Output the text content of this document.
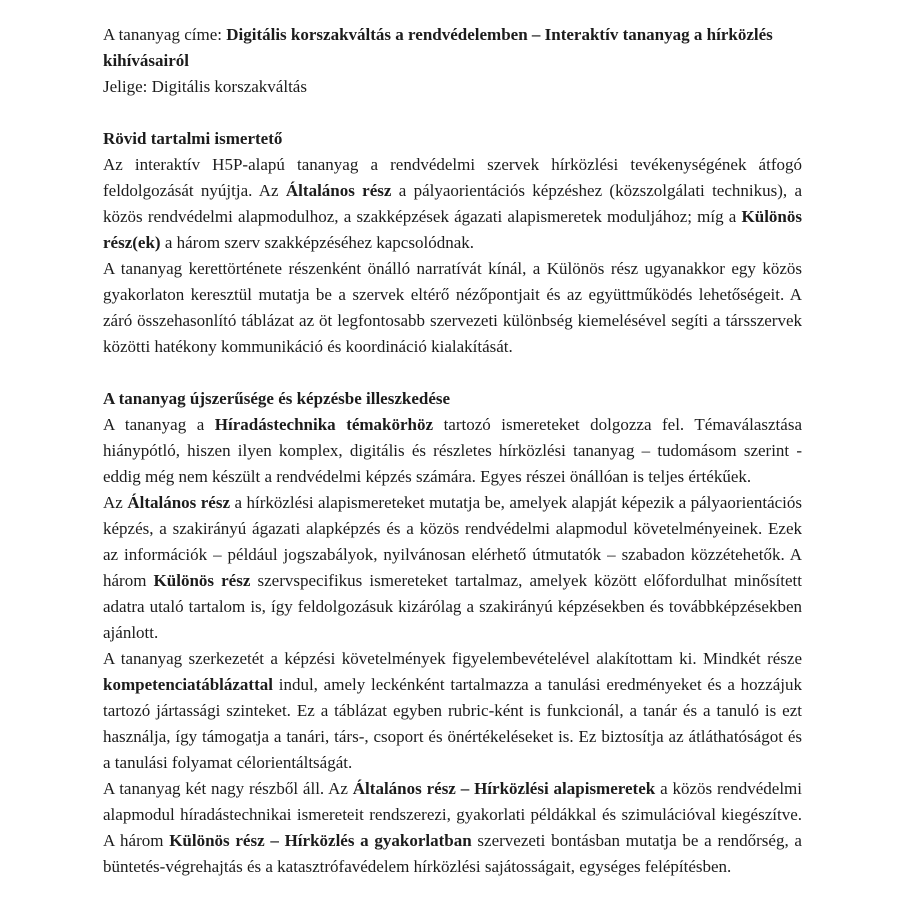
A tananyag címe: Digitális korszakváltás a rendvédelemben – Interaktív tananyag a hírközlés kihívásairól

Jelige: Digitális korszakváltás

Rövid tartalmi ismertető

Az interaktív H5P-alapú tananyag a rendvédelmi szervek hírközlési tevékenységének átfogó feldolgozását nyújtja. Az Általános rész a pályaorientációs képzéshez (közszolgálati technikus), a közös rendvédelmi alapmodulhoz, a szakképzések ágazati alapismeretek moduljához; míg a Különös rész(ek) a három szerv szakképzéséhez kapcsolódnak.

A tananyag kerettörténete részenként önálló narratívát kínál, a Különös rész ugyanakkor egy közös gyakorlaton keresztül mutatja be a szervek eltérő nézőpontjait és az együttműködés lehetőségeit. A záró összehasonlító táblázat az öt legfontosabb szervezeti különbség kiemelésével segíti a társszervek közötti hatékony kommunikáció és koordináció kialakítását.

A tananyag újszerűsége és képzésbe illeszkedése

A tananyag a Híradástechnika témakörhöz tartozó ismereteket dolgozza fel. Témaválasztása hiánypótló, hiszen ilyen komplex, digitális és részletes hírközlési tananyag – tudomásom szerint - eddig még nem készült a rendvédelmi képzés számára. Egyes részei önállóan is teljes értékűek.

Az Általános rész a hírközlési alapismereteket mutatja be, amelyek alapját képezik a pályaorientációs képzés, a szakirányú ágazati alapképzés és a közös rendvédelmi alapmodul követelményeinek. Ezek az információk – például jogszabályok, nyilvánosan elérhető útmutatók – szabadon közzétehetők. A három Különös rész szervspecifikus ismereteket tartalmaz, amelyek között előfordulhat minősített adatra utaló tartalom is, így feldolgozásuk kizárólag a szakirányú képzésekben és továbbképzésekben ajánlott.

A tananyag szerkezetét a képzési követelmények figyelembevételével alakítottam ki. Mindkét része kompetenciatáblázattal indul, amely leckénként tartalmazza a tanulási eredményeket és a hozzájuk tartozó jártassági szinteket. Ez a táblázat egyben rubric-ként is funkcionál, a tanár és a tanuló is ezt használja, így támogatja a tanári, társ-, csoport és önértékeléseket is. Ez biztosítja az átláthatóságot és a tanulási folyamat célorientáltságát.

A tananyag két nagy részből áll. Az Általános rész – Hírközlési alapismeretek a közös rendvédelmi alapmodul híradástechnikai ismereteit rendszerezi, gyakorlati példákkal és szimulációval kiegészítve. A három Különös rész – Hírközlés a gyakorlatban szervezeti bontásban mutatja be a rendőrség, a büntetés-végrehajtás és a katasztrófavédelem hírközlési sajátosságait, egységes felépítésben.
